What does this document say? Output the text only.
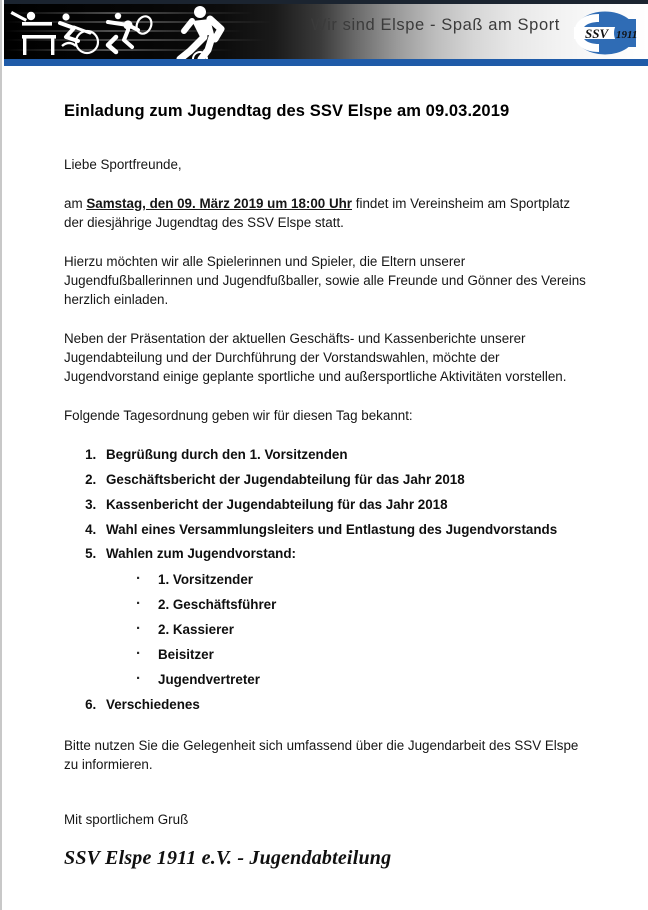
Wir sind Elspe - Spaß am Sport SSV 1911
Einladung zum Jugendtag des SSV Elspe am 09.03.2019

Liebe Sportfreunde,

am Samstag, den 09. März 2019 um 18:00 Uhr findet im Vereinsheim am Sportplatz der diesjährige Jugendtag des SSV Elspe statt.

Hierzu möchten wir alle Spielerinnen und Spieler, die Eltern unserer Jugendfußballerinnen und Jugendfußballer, sowie alle Freunde und Gönner des Vereins herzlich einladen.

Neben der Präsentation der aktuellen Geschäfts- und Kassenberichte unserer Jugendabteilung und der Durchführung der Vorstandswahlen, möchte der Jugendvorstand einige geplante sportliche und außersportliche Aktivitäten vorstellen.

Folgende Tagesordnung geben wir für diesen Tag bekannt:

1. Begrüßung durch den 1. Vorsitzenden
2. Geschäftsbericht der Jugendabteilung für das Jahr 2018
3. Kassenbericht der Jugendabteilung für das Jahr 2018
4. Wahl eines Versammlungsleiters und Entlastung des Jugendvorstands
5. Wahlen zum Jugendvorstand:
· 1. Vorsitzender
· 2. Geschäftsführer
· 2. Kassierer
· Beisitzer
· Jugendvertreter
6. Verschiedenes

Bitte nutzen Sie die Gelegenheit sich umfassend über die Jugendarbeit des SSV Elspe zu informieren.

Mit sportlichem Gruß

SSV Elspe 1911 e.V. - Jugendabteilung
